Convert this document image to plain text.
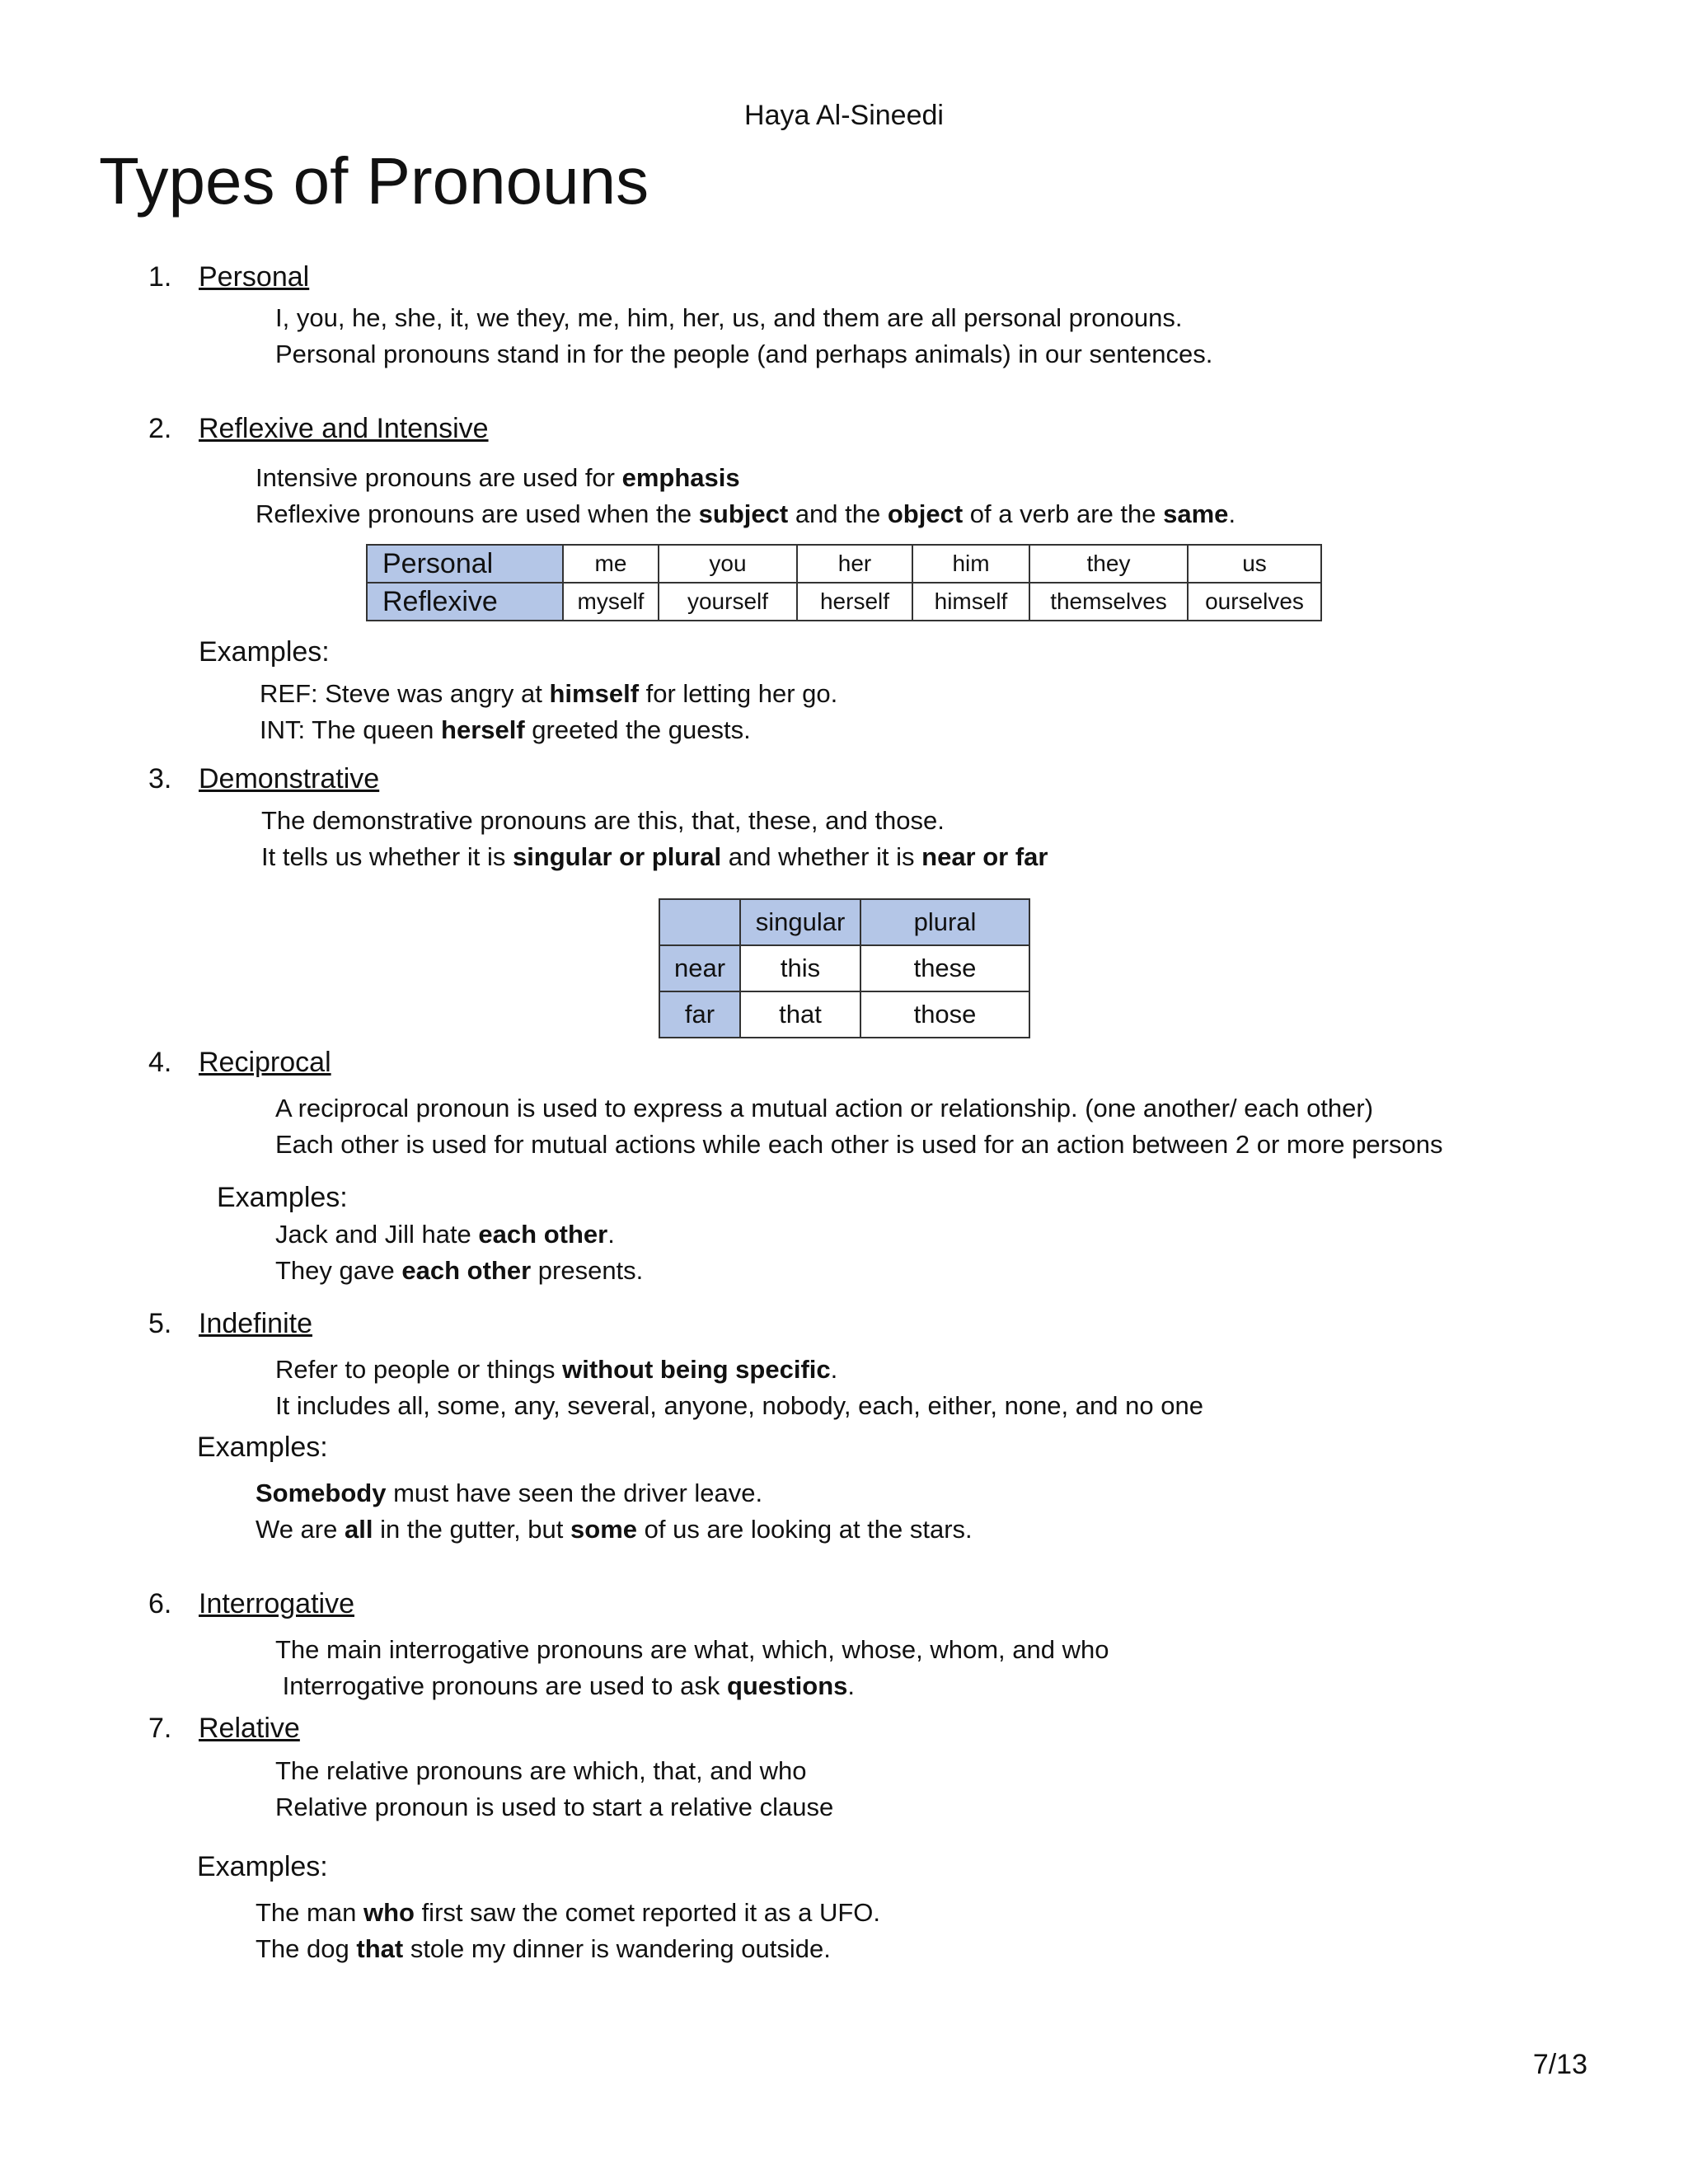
Haya Al-Sineedi
Types of Pronouns
1. Personal
I, you, he, she, it, we they, me, him, her, us, and them are all personal pronouns.
Personal pronouns stand in for the people (and perhaps animals) in our sentences.
2. Reflexive and Intensive
Intensive pronouns are used for emphasis
Reflexive pronouns are used when the subject and the object of a verb are the same.
Personal	me	you	her	him	they	us
Reflexive	myself	yourself	herself	himself	themselves	ourselves
Examples:
REF: Steve was angry at himself for letting her go.
INT: The queen herself greeted the guests.
3. Demonstrative
The demonstrative pronouns are this, that, these, and those.
It tells us whether it is singular or plural and whether it is near or far
	singular	plural
near	this	these
far	that	those
4. Reciprocal
A reciprocal pronoun is used to express a mutual action or relationship. (one another/ each other)
Each other is used for mutual actions while each other is used for an action between 2 or more persons
Examples:
Jack and Jill hate each other.
They gave each other presents.
5. Indefinite
Refer to people or things without being specific.
It includes all, some, any, several, anyone, nobody, each, either, none, and no one
Examples:
Somebody must have seen the driver leave.
We are all in the gutter, but some of us are looking at the stars.
6. Interrogative
The main interrogative pronouns are what, which, whose, whom, and who
Interrogative pronouns are used to ask questions.
7. Relative
The relative pronouns are which, that, and who
Relative pronoun is used to start a relative clause
Examples:
The man who first saw the comet reported it as a UFO.
The dog that stole my dinner is wandering outside.
7/13
